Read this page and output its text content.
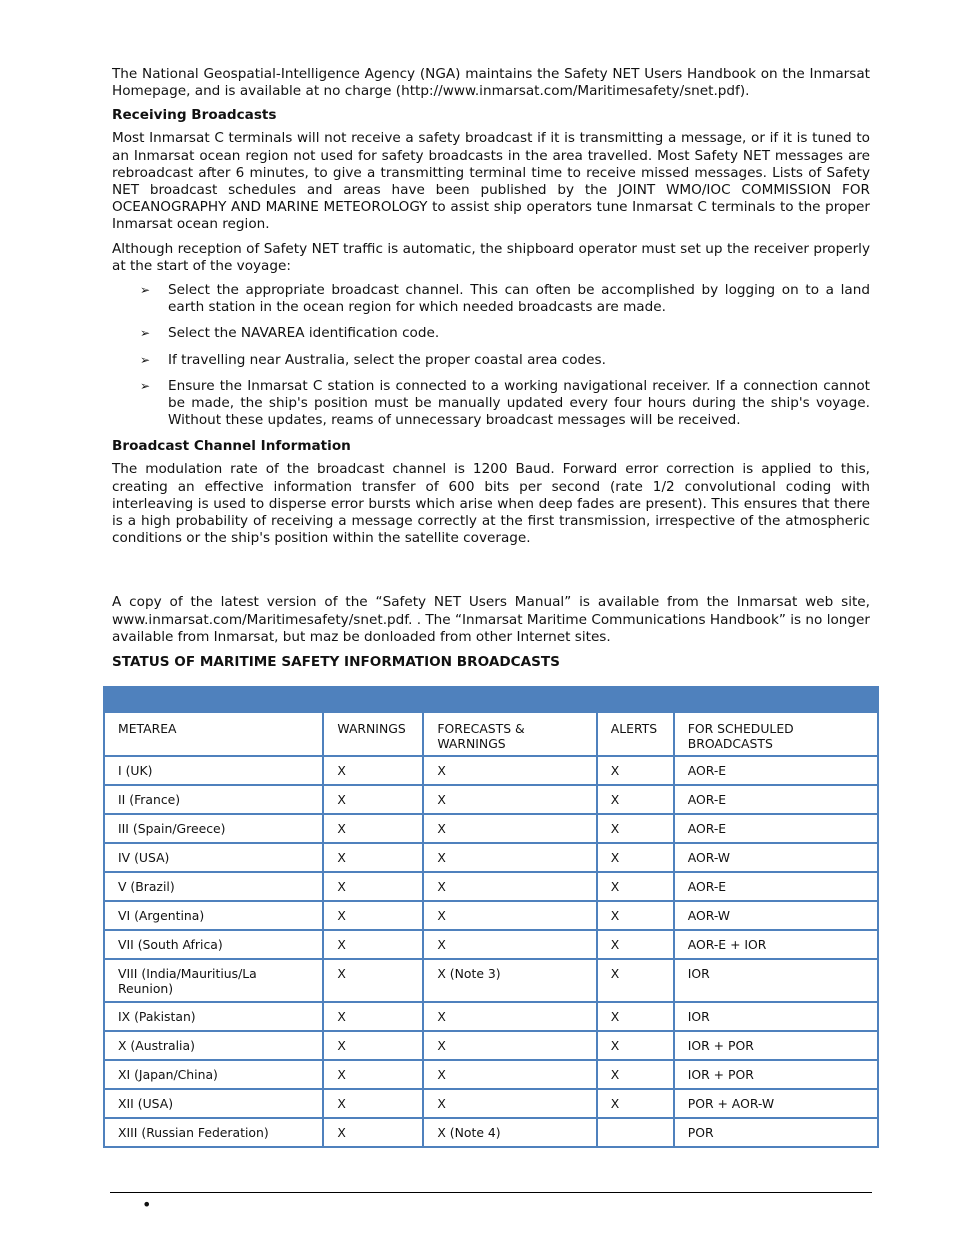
The National Geospatial-Intelligence Agency (NGA) maintains the Safety NET Users Handbook on the Inmarsat Homepage, and is available at no charge (http://www.inmarsat.com/Maritimesafety/snet.pdf).

Receiving Broadcasts

Most Inmarsat C terminals will not receive a safety broadcast if it is transmitting a message, or if it is tuned to an Inmarsat ocean region not used for safety broadcasts in the area travelled. Most Safety NET messages are rebroadcast after 6 minutes, to give a transmitting terminal time to receive missed messages. Lists of Safety NET broadcast schedules and areas have been published by the JOINT WMO/IOC COMMISSION FOR OCEANOGRAPHY AND MARINE METEOROLOGY to assist ship operators tune Inmarsat C terminals to the proper Inmarsat ocean region.

Although reception of Safety NET traffic is automatic, the shipboard operator must set up the receiver properly at the start of the voyage:

➢ Select the appropriate broadcast channel. This can often be accomplished by logging on to a land earth station in the ocean region for which needed broadcasts are made.
➢ Select the NAVAREA identification code.
➢ If travelling near Australia, select the proper coastal area codes.
➢ Ensure the Inmarsat C station is connected to a working navigational receiver. If a connection cannot be made, the ship's position must be manually updated every four hours during the ship's voyage. Without these updates, reams of unnecessary broadcast messages will be received.
Broadcast Channel Information

The modulation rate of the broadcast channel is 1200 Baud. Forward error correction is applied to this, creating an effective information transfer of 600 bits per second (rate 1/2 convolutional coding with interleaving is used to disperse error bursts which arise when deep fades are present). This ensures that there is a high probability of receiving a message correctly at the first transmission, irrespective of the atmospheric conditions or the ship's position within the satellite coverage.

A copy of the latest version of the “Safety NET Users Manual” is available from the Inmarsat web site, www.inmarsat.com/Maritimesafety/snet.pdf. . The “Inmarsat Maritime Communications Handbook” is no longer available from Inmarsat, but maz be donloaded from other Internet sites.

STATUS OF MARITIME SAFETY INFORMATION BROADCASTS

METAREA	WARNINGS	FORECASTS & WARNINGS	ALERTS	FOR SCHEDULED BROADCASTS
I (UK)	X	X	X	AOR-E
II (France)	X	X	X	AOR-E
III (Spain/Greece)	X	X	X	AOR-E
IV (USA)	X	X	X	AOR-W
V (Brazil)	X	X	X	AOR-E
VI (Argentina)	X	X	X	AOR-W
VII (South Africa)	X	X	X	AOR-E + IOR
VIII (India/Mauritius/La Reunion)	X	X (Note 3)	X	IOR
IX (Pakistan)	X	X	X	IOR
X (Australia)	X	X	X	IOR + POR
XI (Japan/China)	X	X	X	IOR + POR
XII (USA)	X	X	X	POR + AOR-W
XIII (Russian Federation)	X	X (Note 4)		POR
•
